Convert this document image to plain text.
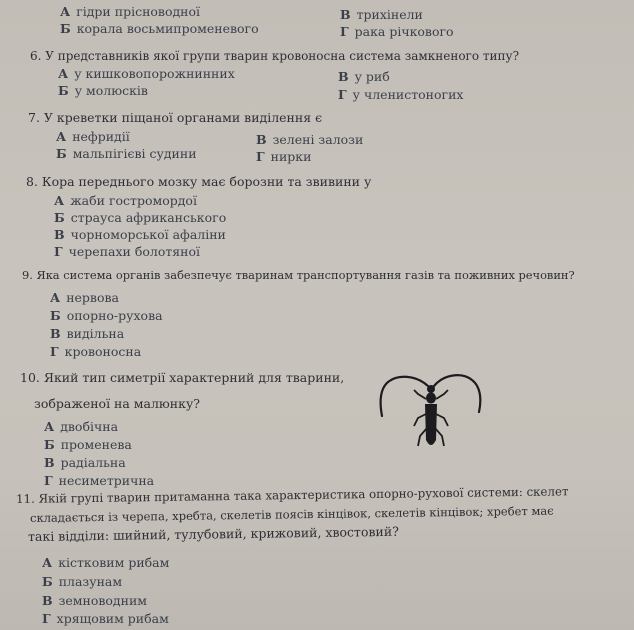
А гідри прісноводної
Б корала восьмипроменевого
В трихінели
Г рака річкового
6. У представників якої групи тварин кровоносна система замкненого типу?
А у кишковопорожнинних
Б у молюсків
В у риб
Г у членистоногих
7. У креветки піщаної органами виділення є
А нефридії
Б мальпігієві судини
В зелені залози
Г нирки
8. Кора переднього мозку має борозни та звивини у
А жаби гостромордої
Б страуса африканського
В чорноморської афаліни
Г черепахи болотяної
9. Яка система органів забезпечує тваринам транспортування газів та поживних речовин?
А нервова
Б опорно-рухова
В видільна
Г кровоносна
10. Який тип симетрії характерний для тварини,
зображеної на малюнку?
А двобічна
Б променева
В радіальна
Г несиметрична
11. Якій групі тварин притаманна така характеристика опорно-рухової системи: скелет
складається із черепа, хребта, скелетів поясів кінцівок, скелетів кінцівок; хребет має
такі відділи: шийний, тулубовий, крижовий, хвостовий?
А кістковим рибам
Б плазунам
В земноводним
Г хрящовим рибам
